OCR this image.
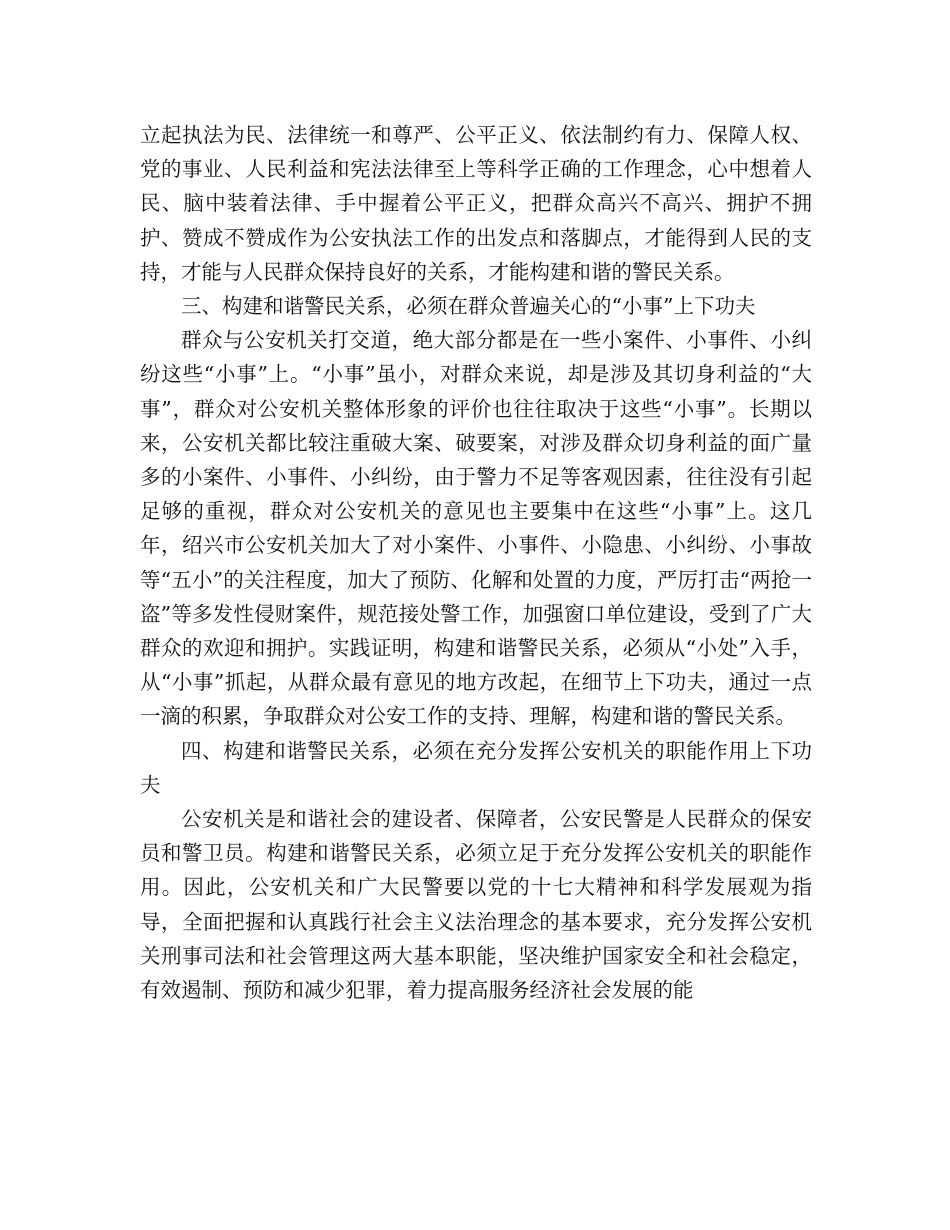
立起执法为民、法律统一和尊严、公平正义、依法制约有力、保障人权、党的事业、人民利益和宪法法律至上等科学正确的工作理念，心中想着人民、脑中装着法律、手中握着公平正义，把群众高兴不高兴、拥护不拥护、赞成不赞成作为公安执法工作的出发点和落脚点，才能得到人民的支持，才能与人民群众保持良好的关系，才能构建和谐的警民关系。

三、构建和谐警民关系，必须在群众普遍关心的“小事”上下功夫

群众与公安机关打交道，绝大部分都是在一些小案件、小事件、小纠纷这些“小事”上。“小事”虽小，对群众来说，却是涉及其切身利益的“大事”，群众对公安机关整体形象的评价也往往取决于这些“小事”。长期以来，公安机关都比较注重破大案、破要案，对涉及群众切身利益的面广量多的小案件、小事件、小纠纷，由于警力不足等客观因素，往往没有引起足够的重视，群众对公安机关的意见也主要集中在这些“小事”上。这几年，绍兴市公安机关加大了对小案件、小事件、小隐患、小纠纷、小事故等“五小”的关注程度，加大了预防、化解和处置的力度，严厉打击“两抢一盗”等多发性侵财案件，规范接处警工作，加强窗口单位建设，受到了广大群众的欢迎和拥护。实践证明，构建和谐警民关系，必须从“小处”入手，从“小事”抓起，从群众最有意见的地方改起，在细节上下功夫，通过一点一滴的积累，争取群众对公安工作的支持、理解，构建和谐的警民关系。

四、构建和谐警民关系，必须在充分发挥公安机关的职能作用上下功夫

公安机关是和谐社会的建设者、保障者，公安民警是人民群众的保安员和警卫员。构建和谐警民关系，必须立足于充分发挥公安机关的职能作用。因此，公安机关和广大民警要以党的十七大精神和科学发展观为指导，全面把握和认真践行社会主义法治理念的基本要求，充分发挥公安机关刑事司法和社会管理这两大基本职能，坚决维护国家安全和社会稳定，有效遏制、预防和减少犯罪，着力提高服务经济社会发展的能
